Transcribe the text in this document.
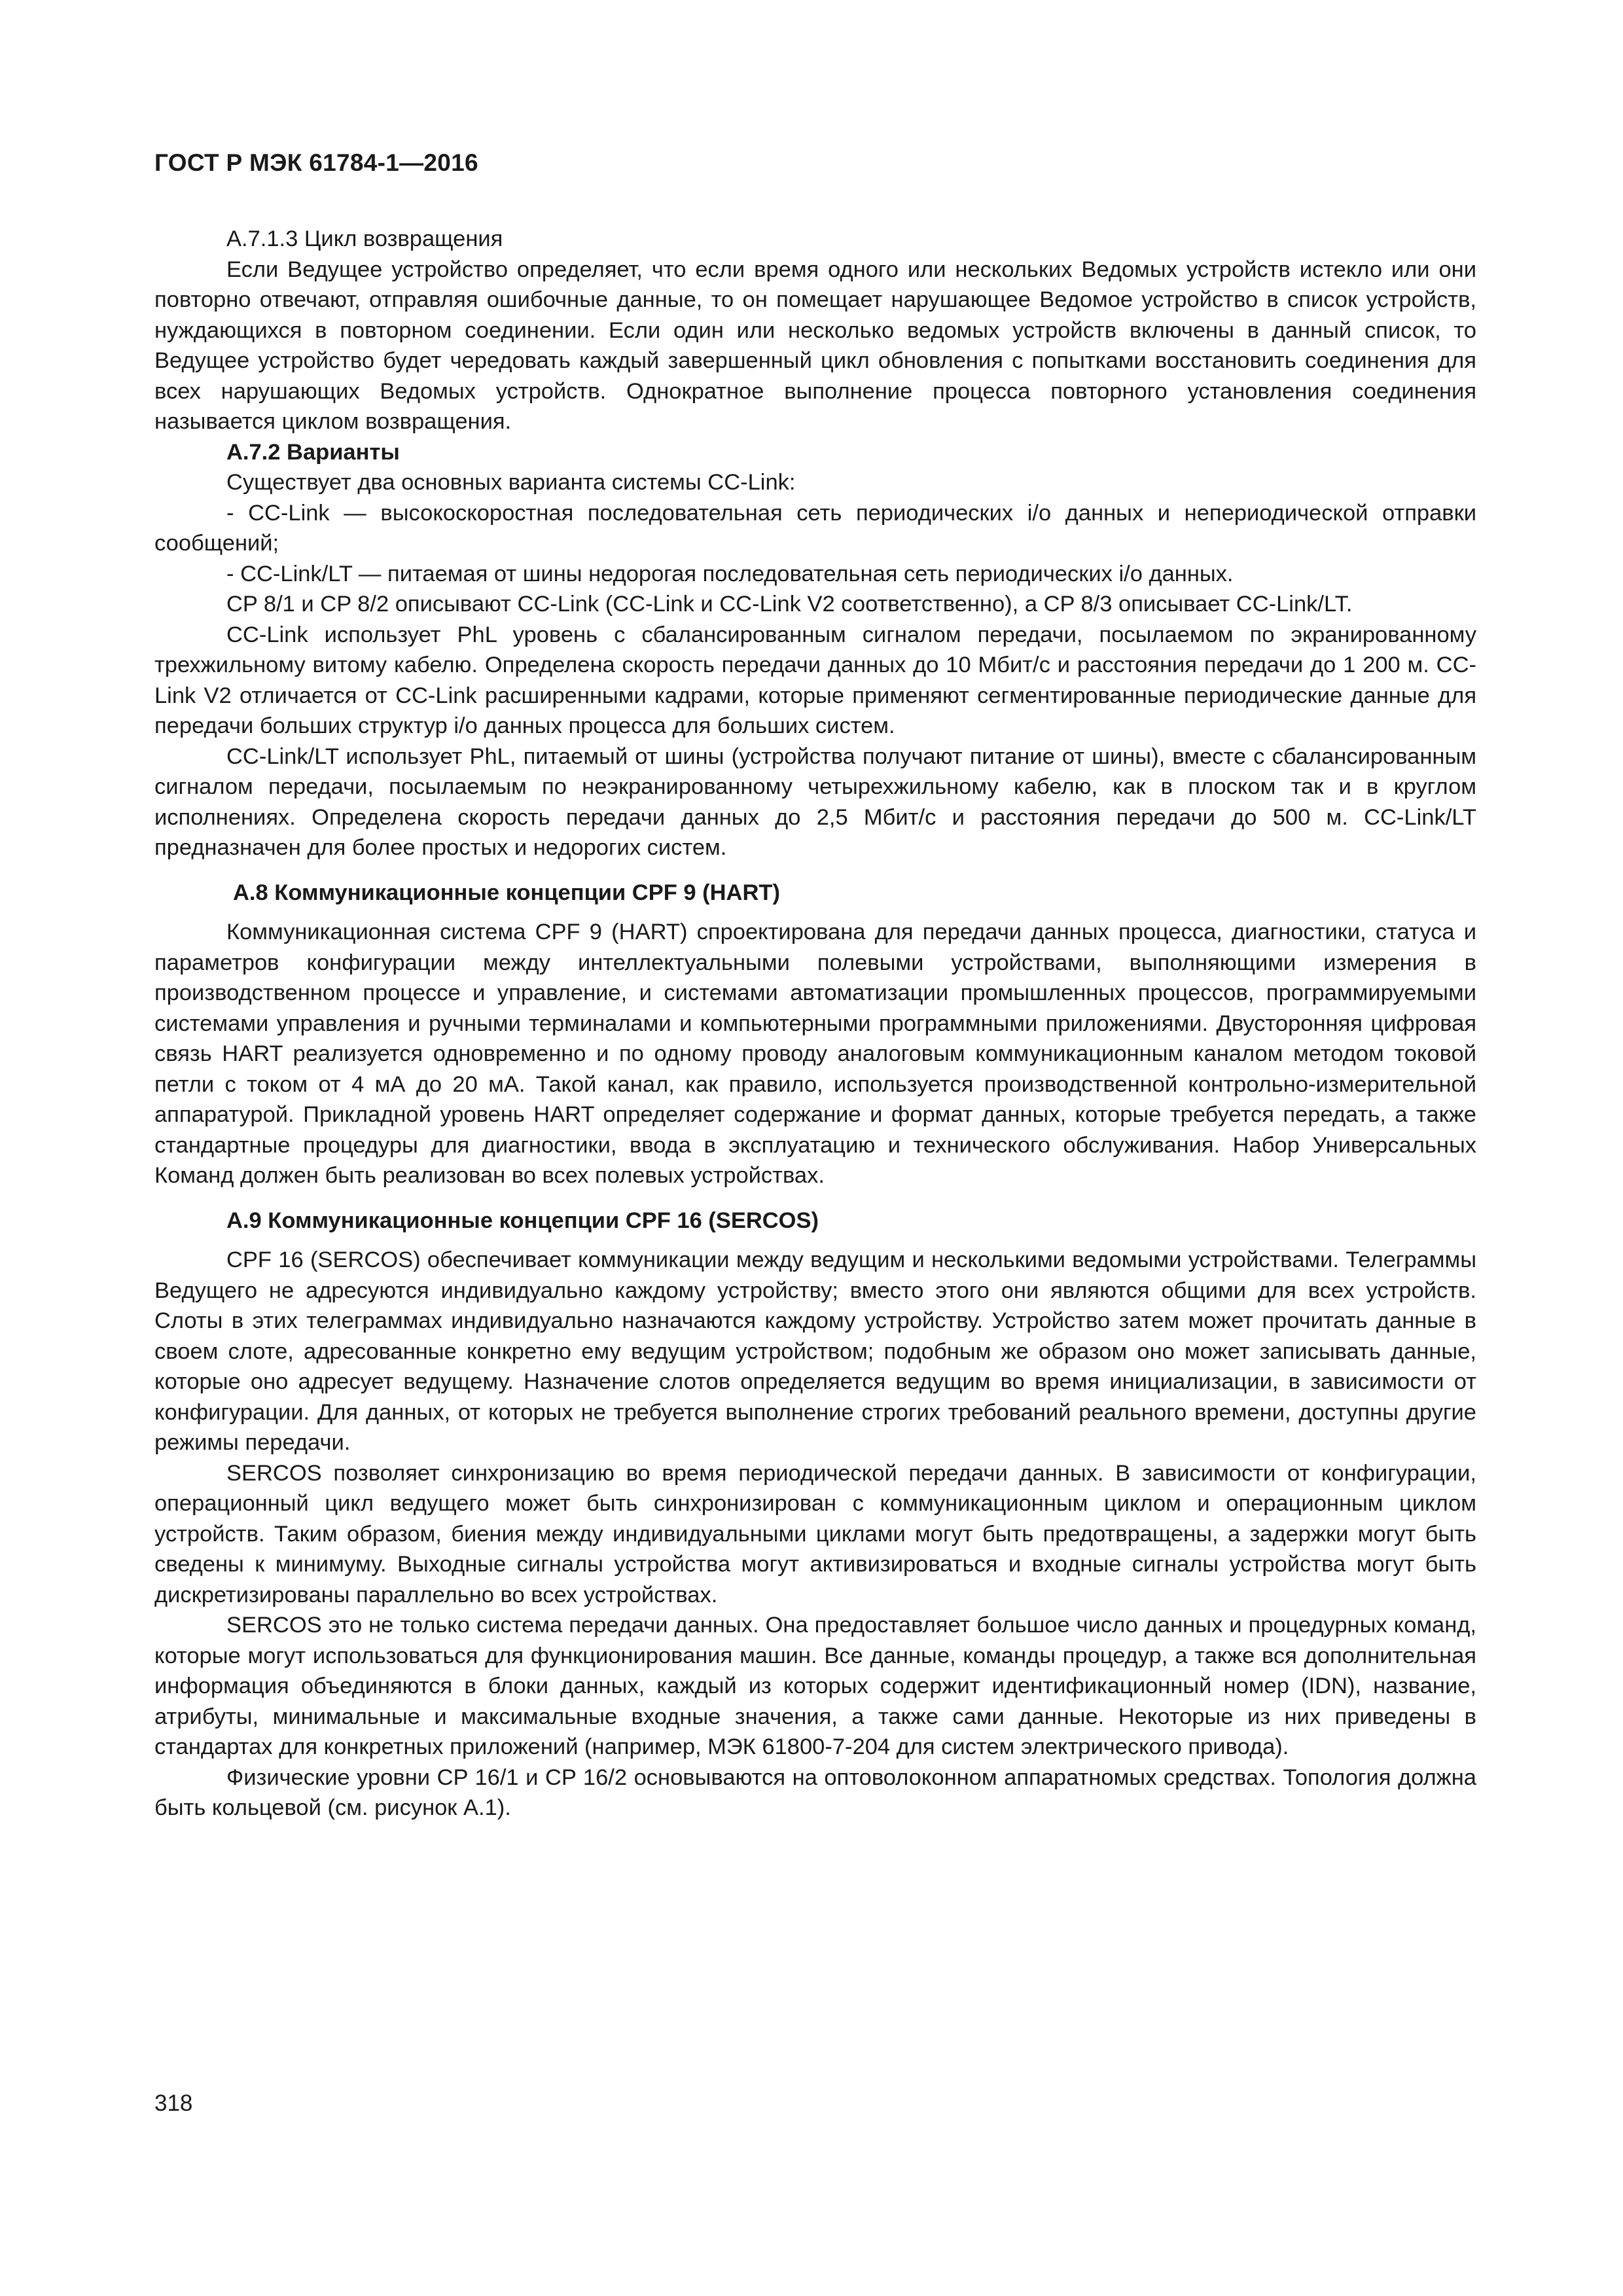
ГОСТ Р МЭК 61784-1—2016

А.7.1.3 Цикл возвращения

Если Ведущее устройство определяет, что если время одного или нескольких Ведомых устройств истекло или они повторно отвечают, отправляя ошибочные данные, то он помещает нарушающее Ведомое устройство в список устройств, нуждающихся в повторном соединении. Если один или несколько ведомых устройств включены в данный список, то Ведущее устройство будет чередовать каждый завершенный цикл обновления с попытками восстановить соединения для всех нарушающих Ведомых устройств. Однократное выполнение процесса повторного установления соединения называется циклом возвращения.

А.7.2 Варианты

Существует два основных варианта системы CC-Link:

- CC-Link — высокоскоростная последовательная сеть периодических i/o данных и непериодической отправки сообщений;

- CC-Link/LT — питаемая от шины недорогая последовательная сеть периодических i/o данных.

CP 8/1 и CP 8/2 описывают CC-Link (CC-Link и CC-Link V2 соответственно), а CP 8/3 описывает CC-Link/LT.

CC-Link использует PhL уровень с сбалансированным сигналом передачи, посылаемом по экранированному трехжильному витому кабелю. Определена скорость передачи данных до 10 Мбит/с и расстояния передачи до 1 200 м. CC-Link V2 отличается от CC-Link расширенными кадрами, которые применяют сегментированные периодические данные для передачи больших структур i/o данных процесса для больших систем.

CC-Link/LT использует PhL, питаемый от шины (устройства получают питание от шины), вместе с сбалансированным сигналом передачи, посылаемым по неэкранированному четырехжильному кабелю, как в плоском так и в круглом исполнениях. Определена скорость передачи данных до 2,5 Мбит/с и расстояния передачи до 500 м. CC-Link/LT предназначен для более простых и недорогих систем.

А.8 Коммуникационные концепции CPF 9 (HART)

Коммуникационная система CPF 9 (HART) спроектирована для передачи данных процесса, диагностики, статуса и параметров конфигурации между интеллектуальными полевыми устройствами, выполняющими измерения в производственном процессе и управление, и системами автоматизации промышленных процессов, программируемыми системами управления и ручными терминалами и компьютерными программными приложениями. Двусторонняя цифровая связь HART реализуется одновременно и по одному проводу аналоговым коммуникационным каналом методом токовой петли с током от 4 мА до 20 мА. Такой канал, как правило, используется производственной контрольно-измерительной аппаратурой. Прикладной уровень HART определяет содержание и формат данных, которые требуется передать, а также стандартные процедуры для диагностики, ввода в эксплуатацию и технического обслуживания. Набор Универсальных Команд должен быть реализован во всех полевых устройствах.

А.9 Коммуникационные концепции CPF 16 (SERCOS)

CPF 16 (SERCOS) обеспечивает коммуникации между ведущим и несколькими ведомыми устройствами. Телеграммы Ведущего не адресуются индивидуально каждому устройству; вместо этого они являются общими для всех устройств. Слоты в этих телеграммах индивидуально назначаются каждому устройству. Устройство затем может прочитать данные в своем слоте, адресованные конкретно ему ведущим устройством; подобным же образом оно может записывать данные, которые оно адресует ведущему. Назначение слотов определяется ведущим во время инициализации, в зависимости от конфигурации. Для данных, от которых не требуется выполнение строгих требований реального времени, доступны другие режимы передачи.

SERCOS позволяет синхронизацию во время периодической передачи данных. В зависимости от конфигурации, операционный цикл ведущего может быть синхронизирован с коммуникационным циклом и операционным циклом устройств. Таким образом, биения между индивидуальными циклами могут быть предотвращены, а задержки могут быть сведены к минимуму. Выходные сигналы устройства могут активизироваться и входные сигналы устройства могут быть дискретизированы параллельно во всех устройствах.

SERCOS это не только система передачи данных. Она предоставляет большое число данных и процедурных команд, которые могут использоваться для функционирования машин. Все данные, команды процедур, а также вся дополнительная информация объединяются в блоки данных, каждый из которых содержит идентификационный номер (IDN), название, атрибуты, минимальные и максимальные входные значения, а также сами данные. Некоторые из них приведены в стандартах для конкретных приложений (например, МЭК 61800-7-204 для систем электрического привода).

Физические уровни CP 16/1 и CP 16/2 основываются на оптоволоконном аппаратномых средствах. Топология должна быть кольцевой (см. рисунок А.1).

318
